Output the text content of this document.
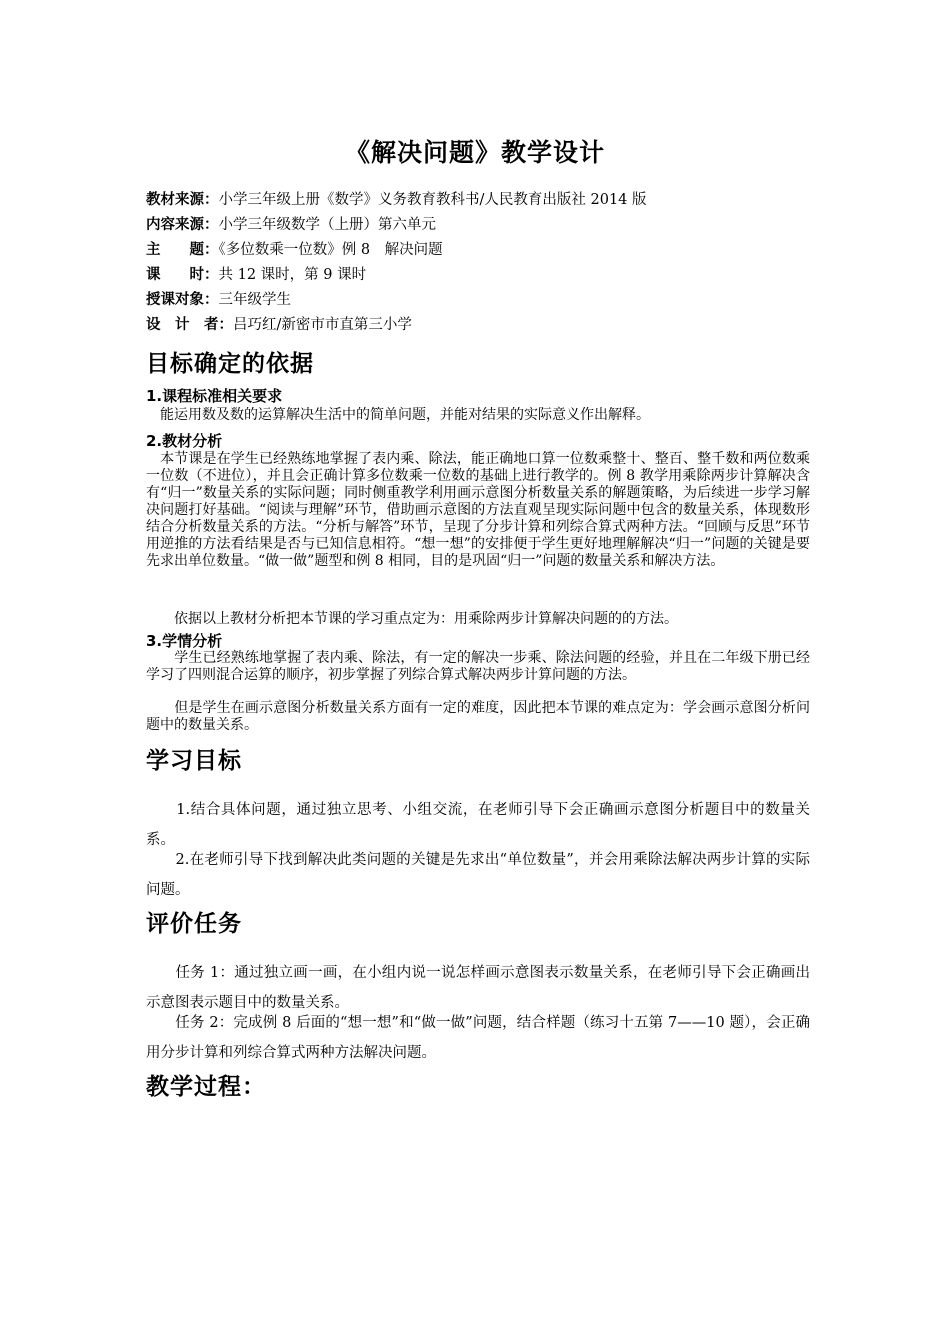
《解决问题》教学设计
教材来源：小学三年级上册《数学》义务教育教科书/人民教育出版社 2014 版
内容来源：小学三年级数学（上册）第六单元
主　　题：《多位数乘一位数》例 8　解决问题
课　　时：共 12 课时，第 9 课时
授课对象：三年级学生
设　计　者：吕巧红/新密市市直第三小学
目标确定的依据
1.课程标准相关要求
　能运用数及数的运算解决生活中的简单问题，并能对结果的实际意义作出解释。
2.教材分析
　本节课是在学生已经熟练地掌握了表内乘、除法，能正确地口算一位数乘整十、整百、整千数和两位数乘一位数（不进位），并且会正确计算多位数乘一位数的基础上进行教学的。例 8 教学用乘除两步计算解决含有“归一”数量关系的实际问题；同时侧重教学利用画示意图分析数量关系的解题策略，为后续进一步学习解决问题打好基础。“阅读与理解”环节，借助画示意图的方法直观呈现实际问题中包含的数量关系，体现数形结合分析数量关系的方法。“分析与解答”环节，呈现了分步计算和列综合算式两种方法。“回顾与反思”环节用逆推的方法看结果是否与已知信息相符。“想一想”的安排便于学生更好地理解解决“归一”问题的关键是要先求出单位数量。“做一做”题型和例 8 相同，目的是巩固“归一”问题的数量关系和解决方法。
　　依据以上教材分析把本节课的学习重点定为：用乘除两步计算解决问题的的方法。
3.学情分析
　　学生已经熟练地掌握了表内乘、除法，有一定的解决一步乘、除法问题的经验，并且在二年级下册已经学习了四则混合运算的顺序，初步掌握了列综合算式解决两步计算问题的方法。
　　但是学生在画示意图分析数量关系方面有一定的难度，因此把本节课的难点定为：学会画示意图分析问题中的数量关系。
学习目标
　　1.结合具体问题，通过独立思考、小组交流，在老师引导下会正确画示意图分析题目中的数量关系。
　　2.在老师引导下找到解决此类问题的关键是先求出“单位数量”，并会用乘除法解决两步计算的实际问题。
评价任务
　　任务 1：通过独立画一画，在小组内说一说怎样画示意图表示数量关系，在老师引导下会正确画出示意图表示题目中的数量关系。
　　任务 2：完成例 8 后面的“想一想”和“做一做”问题，结合样题（练习十五第 7——10 题），会正确用分步计算和列综合算式两种方法解决问题。
教学过程：
